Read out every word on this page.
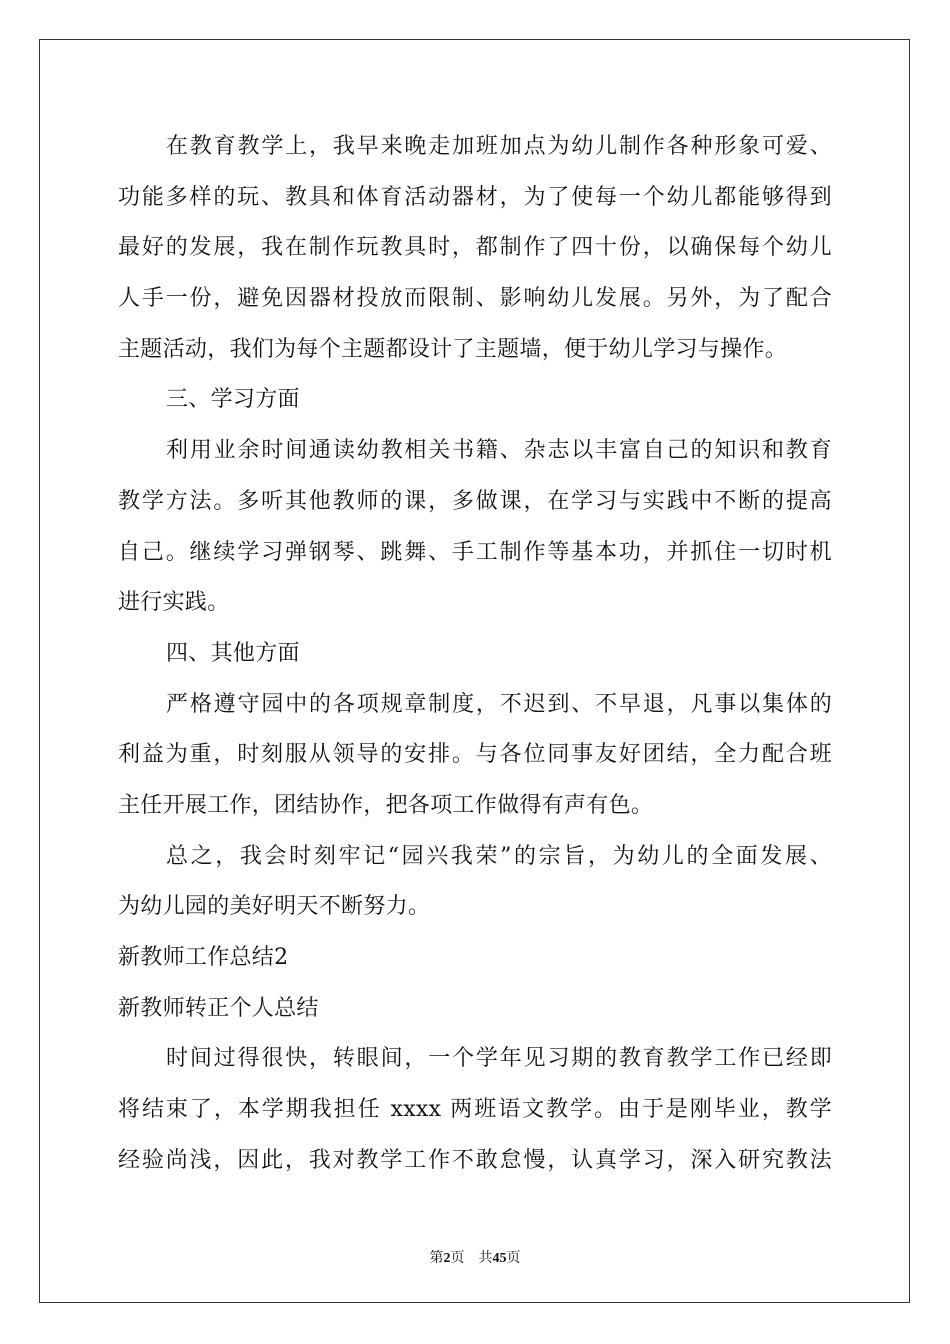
在教育教学上，我早来晚走加班加点为幼儿制作各种形象可爱、
功能多样的玩、教具和体育活动器材，为了使每一个幼儿都能够得到
最好的发展，我在制作玩教具时，都制作了四十份，以确保每个幼儿
人手一份，避免因器材投放而限制、影响幼儿发展。另外，为了配合
主题活动，我们为每个主题都设计了主题墙，便于幼儿学习与操作。
三、学习方面
利用业余时间通读幼教相关书籍、杂志以丰富自己的知识和教育
教学方法。多听其他教师的课，多做课，在学习与实践中不断的提高
自己。继续学习弹钢琴、跳舞、手工制作等基本功，并抓住一切时机
进行实践。
四、其他方面
严格遵守园中的各项规章制度，不迟到、不早退，凡事以集体的
利益为重，时刻服从领导的安排。与各位同事友好团结，全力配合班
主任开展工作，团结协作，把各项工作做得有声有色。
总之，我会时刻牢记“园兴我荣”的宗旨，为幼儿的全面发展、
为幼儿园的美好明天不断努力。
新教师工作总结2
新教师转正个人总结
时间过得很快，转眼间，一个学年见习期的教育教学工作已经即
将结束了，本学期我担任 xxxx 两班语文教学。由于是刚毕业，教学
经验尚浅，因此，我对教学工作不敢怠慢，认真学习，深入研究教法
第2页　共45页
